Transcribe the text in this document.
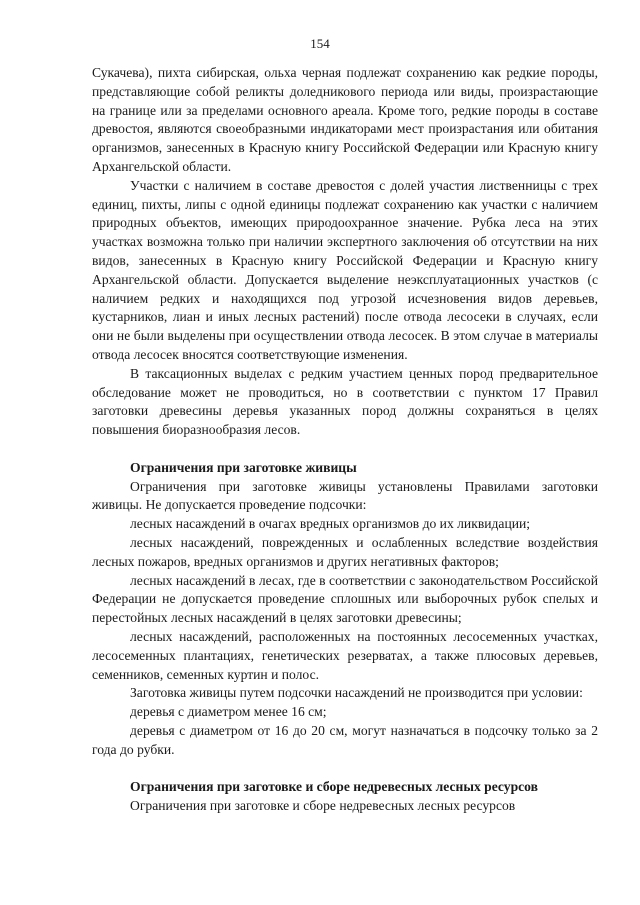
154

Сукачева), пихта сибирская, ольха черная подлежат сохранению как редкие породы, представляющие собой реликты доледникового периода или виды, произрастающие на границе или за пределами основного ареала. Кроме того, редкие породы в составе древостоя, являются своеобразными индикаторами мест произрастания или обитания организмов, занесенных в Красную книгу Российской Федерации или Красную книгу Архангельской области.

Участки с наличием в составе древостоя с долей участия лиственницы с трех единиц, пихты, липы с одной единицы подлежат сохранению как участки с наличием природных объектов, имеющих природоохранное значение. Рубка леса на этих участках возможна только при наличии экспертного заключения об отсутствии на них видов, занесенных в Красную книгу Российской Федерации и Красную книгу Архангельской области. Допускается выделение неэксплуатационных участков (с наличием редких и находящихся под угрозой исчезновения видов деревьев, кустарников, лиан и иных лесных растений) после отвода лесосеки в случаях, если они не были выделены при осуществлении отвода лесосек. В этом случае в материалы отвода лесосек вносятся соответствующие изменения.

В таксационных выделах с редким участием ценных пород предварительное обследование может не проводиться, но в соответствии с пунктом 17 Правил заготовки древесины деревья указанных пород должны сохраняться в целях повышения биоразнообразия лесов.

Ограничения при заготовке живицы

Ограничения при заготовке живицы установлены Правилами заготовки живицы. Не допускается проведение подсочки:

лесных насаждений в очагах вредных организмов до их ликвидации;

лесных насаждений, поврежденных и ослабленных вследствие воздействия лесных пожаров, вредных организмов и других негативных факторов;

лесных насаждений в лесах, где в соответствии с законодательством Российской Федерации не допускается проведение сплошных или выборочных рубок спелых и перестойных лесных насаждений в целях заготовки древесины;

лесных насаждений, расположенных на постоянных лесосеменных участках, лесосеменных плантациях, генетических резерватах, а также плюсовых деревьев, семенников, семенных куртин и полос.

Заготовка живицы путем подсочки насаждений не производится при условии:

деревья с диаметром менее 16 см;

деревья с диаметром от 16 до 20 см, могут назначаться в подсочку только за 2 года до рубки.

Ограничения при заготовке и сборе недревесных лесных ресурсов

Ограничения при заготовке и сборе недревесных лесных ресурсов
